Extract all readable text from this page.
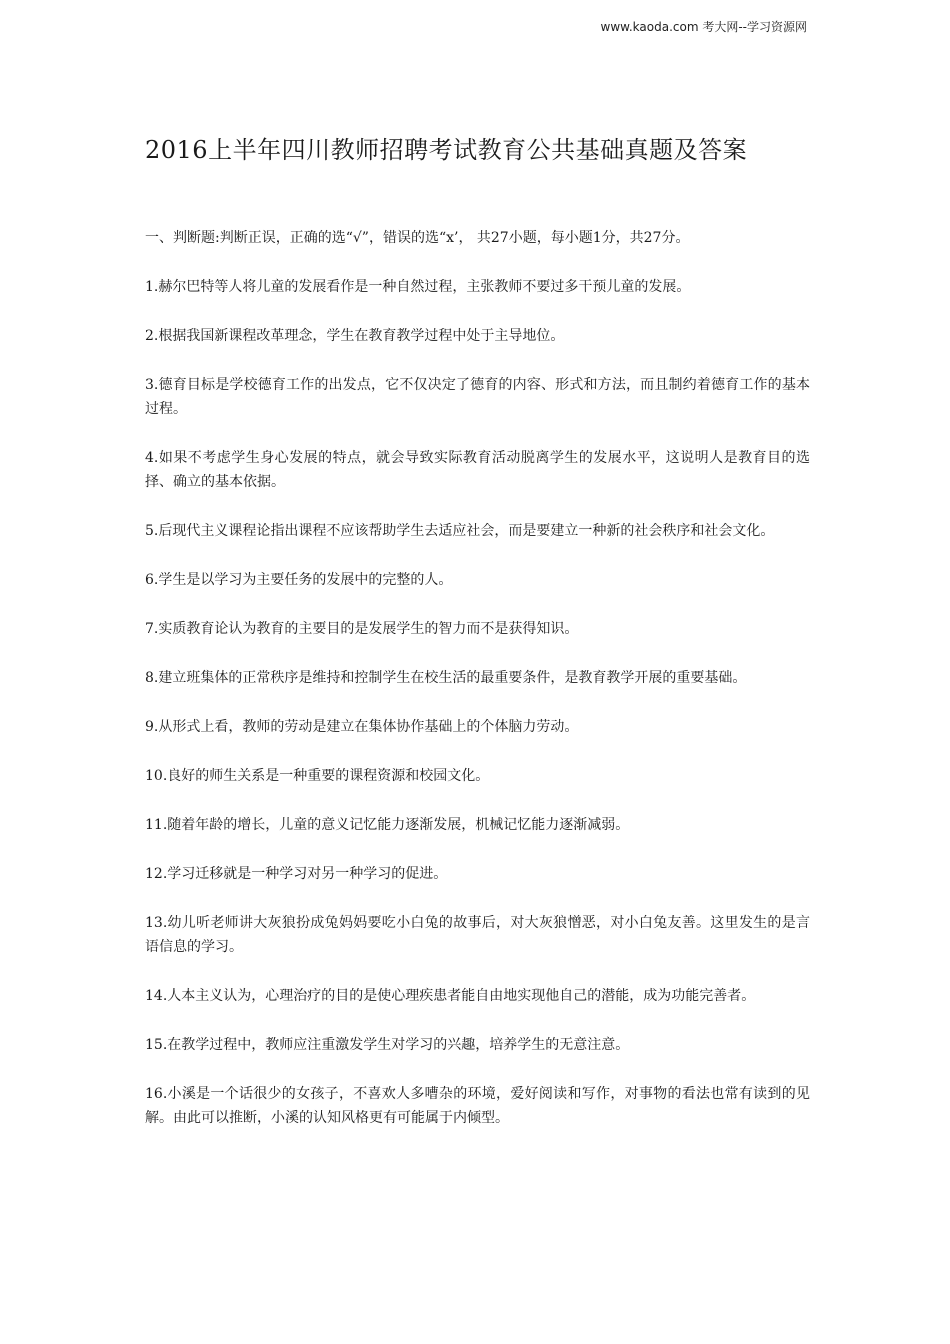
www.kaoda.com 考大网--学习资源网
2016上半年四川教师招聘考试教育公共基础真题及答案

一、判断题:判断正误，正确的选“√”，错误的选“x’， 共27小题，每小题1分，共27分。

1.赫尔巴特等人将儿童的发展看作是一种自然过程，主张教师不要过多干预儿童的发展。
2.根据我国新课程改革理念，学生在教育教学过程中处于主导地位。
3.德育目标是学校德育工作的出发点，它不仅决定了德育的内容、形式和方法，而且制约着德育工作的基本过程。
4.如果不考虑学生身心发展的特点，就会导致实际教育活动脱离学生的发展水平，这说明人是教育目的选择、确立的基本依据。
5.后现代主义课程论指出课程不应该帮助学生去适应社会，而是要建立一种新的社会秩序和社会文化。
6.学生是以学习为主要任务的发展中的完整的人。
7.实质教育论认为教育的主要目的是发展学生的智力而不是获得知识。
8.建立班集体的正常秩序是维持和控制学生在校生活的最重要条件，是教育教学开展的重要基础。
9.从形式上看，教师的劳动是建立在集体协作基础上的个体脑力劳动。
10.良好的师生关系是一种重要的课程资源和校园文化。
11.随着年龄的增长，儿童的意义记忆能力逐渐发展，机械记忆能力逐渐减弱。
12.学习迁移就是一种学习对另一种学习的促进。
13.幼儿听老师讲大灰狼扮成兔妈妈要吃小白兔的故事后，对大灰狼憎恶，对小白兔友善。这里发生的是言语信息的学习。
14.人本主义认为，心理治疗的目的是使心理疾患者能自由地实现他自己的潜能，成为功能完善者。
15.在教学过程中，教师应注重激发学生对学习的兴趣，培养学生的无意注意。
16.小溪是一个话很少的女孩子，不喜欢人多嘈杂的环境，爱好阅读和写作，对事物的看法也常有读到的见解。由此可以推断，小溪的认知风格更有可能属于内倾型。
